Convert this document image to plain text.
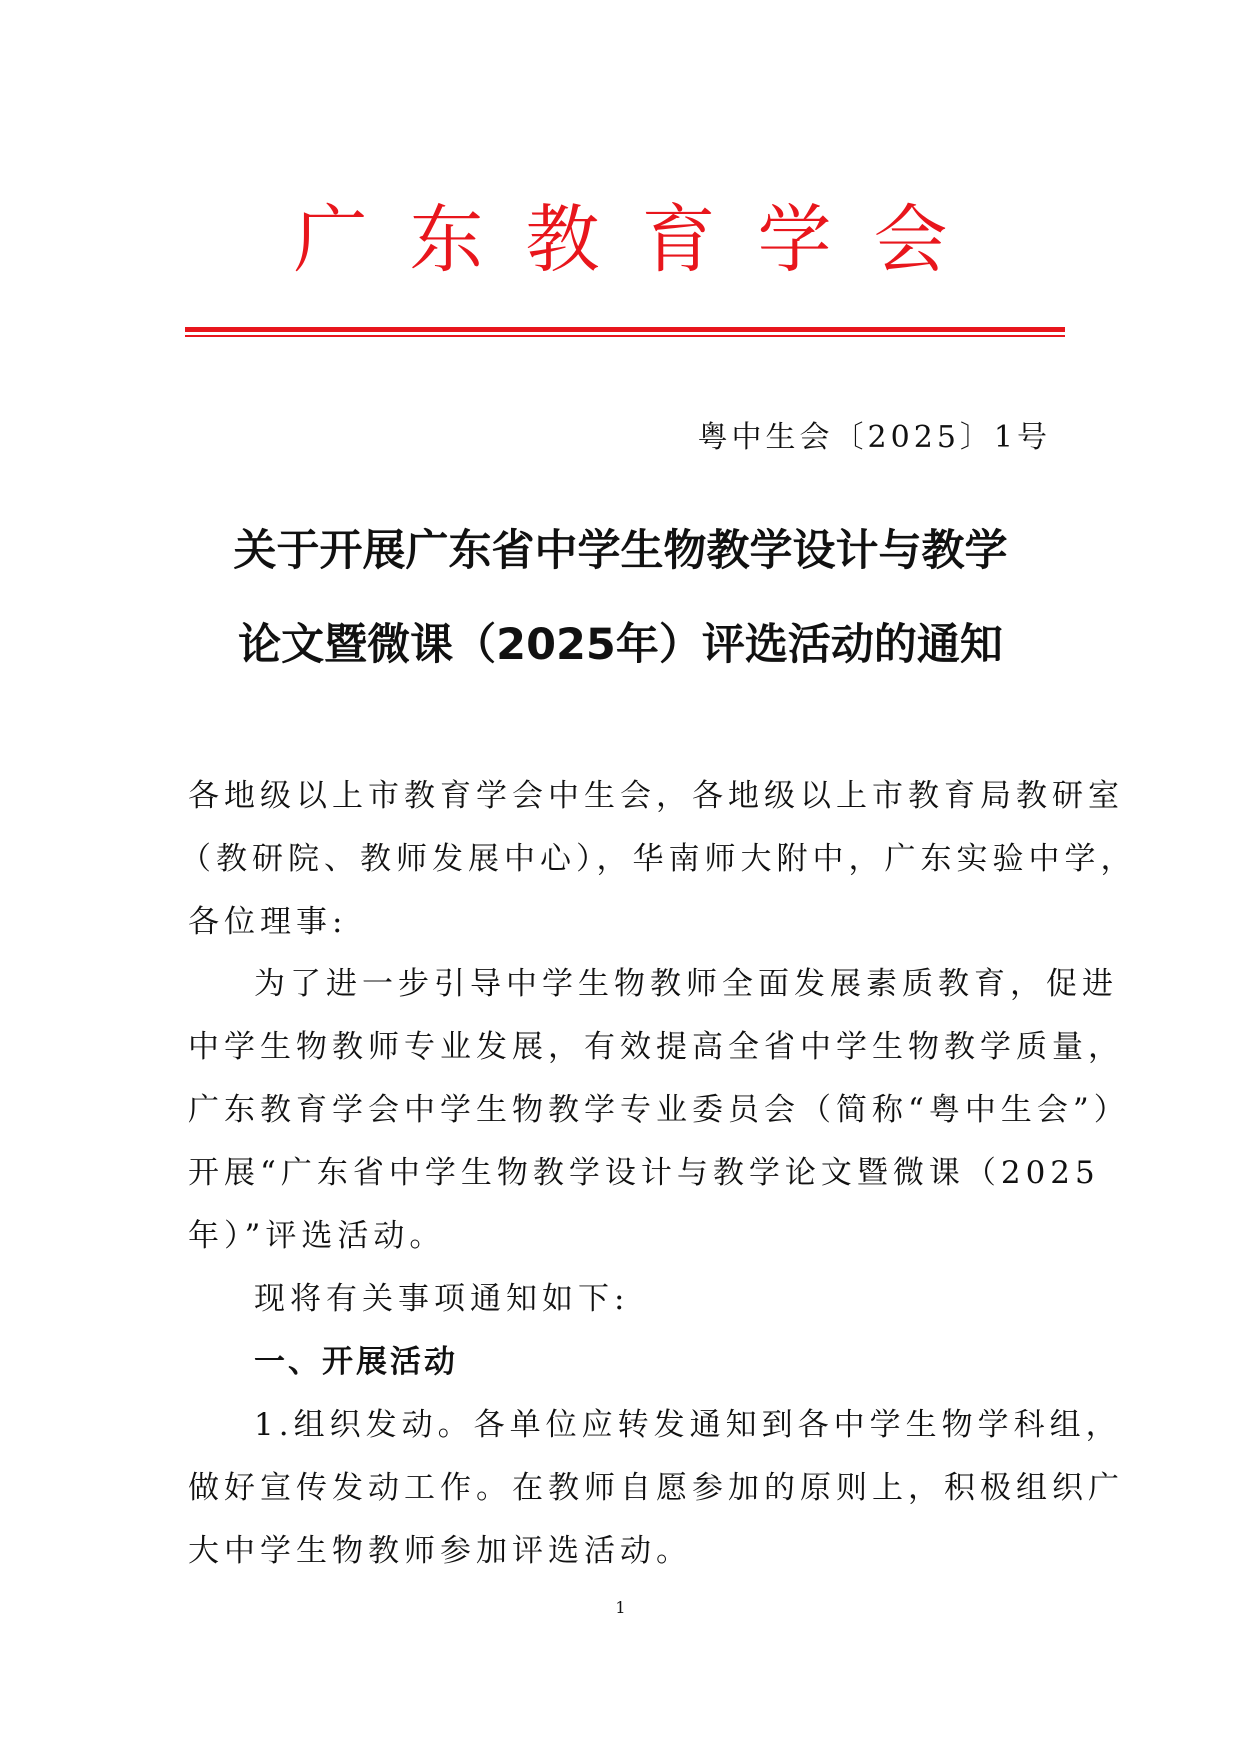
广东教育学会
粤中生会〔2025〕1号
关于开展广东省中学生物教学设计与教学
论文暨微课（2025年）评选活动的通知
各地级以上市教育学会中生会，各地级以上市教育局教研室
（教研院、教师发展中心），华南师大附中，广东实验中学，
各位理事:
为了进一步引导中学生物教师全面发展素质教育，促进
中学生物教师专业发展，有效提高全省中学生物教学质量，
广东教育学会中学生物教学专业委员会（简称“粤中生会”）
开展“广东省中学生物教学设计与教学论文暨微课（2025
年）”评选活动。
现将有关事项通知如下:
一、开展活动
1.组织发动。各单位应转发通知到各中学生物学科组，
做好宣传发动工作。在教师自愿参加的原则上，积极组织广
大中学生物教师参加评选活动。
1
